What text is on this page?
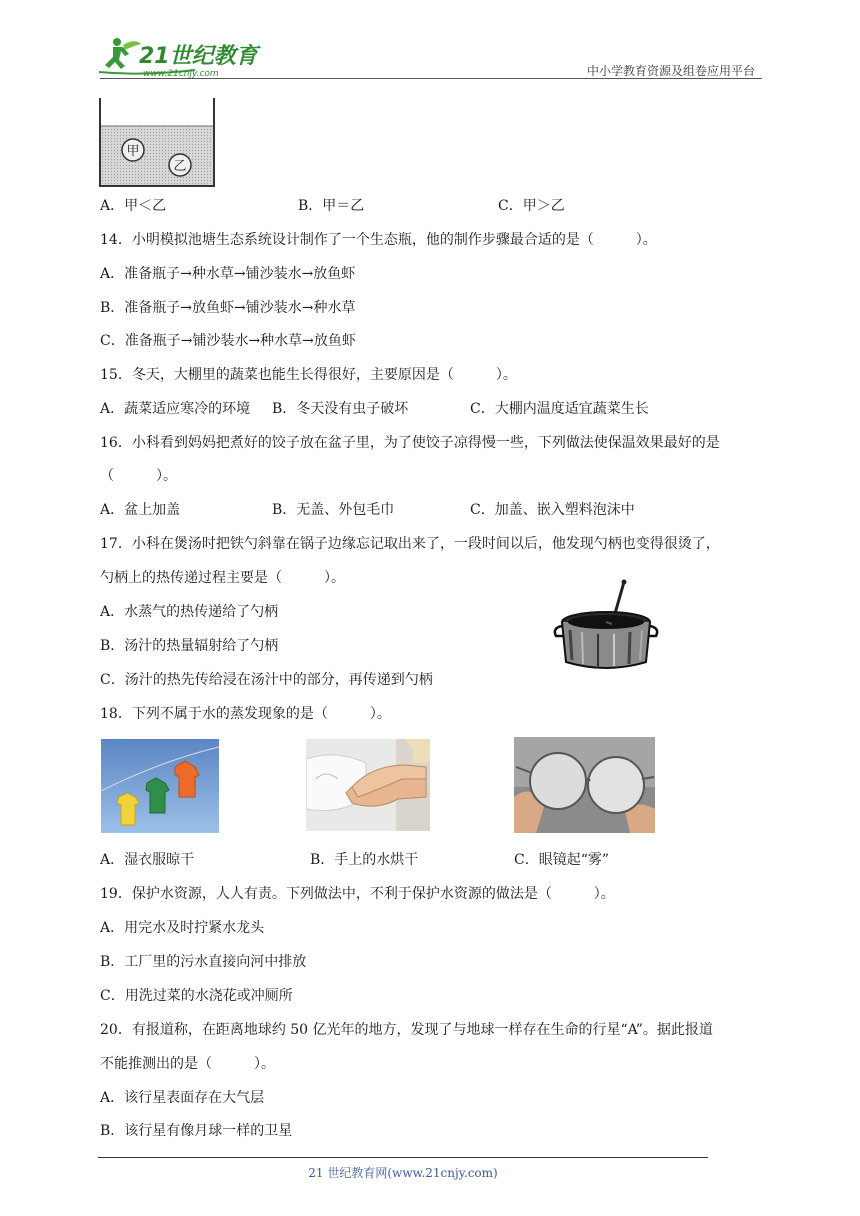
21世纪教育
www.21cnjy.com	中小学教育资源及组卷应用平台
甲
乙
A．甲＜乙	B．甲＝乙	C．甲＞乙
14．小明模拟池塘生态系统设计制作了一个生态瓶，他的制作步骤最合适的是（　　　）。
A．准备瓶子→种水草→铺沙装水→放鱼虾
B．准备瓶子→放鱼虾→铺沙装水→种水草
C．准备瓶子→铺沙装水→种水草→放鱼虾
15．冬天，大棚里的蔬菜也能生长得很好，主要原因是（　　　）。
A．蔬菜适应寒冷的环境 B．冬天没有虫子破坏	C．大棚内温度适宜蔬菜生长
16．小科看到妈妈把煮好的饺子放在盆子里，为了使饺子凉得慢一些，下列做法使保温效果最好的是
（　　　）。
A．盆上加盖	B．无盖、外包毛巾	C．加盖、嵌入塑料泡沫中
17．小科在煲汤时把铁勺斜靠在锅子边缘忘记取出来了，一段时间以后，他发现勺柄也变得很烫了，
勺柄上的热传递过程主要是（　　　）。
A．水蒸气的热传递给了勺柄
B．汤汁的热量辐射给了勺柄
C．汤汁的热先传给浸在汤汁中的部分，再传递到勺柄
18．下列不属于水的蒸发现象的是（　　　）。
A．湿衣服晾干	B．手上的水烘干	C．眼镜起“雾”
19．保护水资源，人人有责。下列做法中，不利于保护水资源的做法是（　　　）。
A．用完水及时拧紧水龙头
B．工厂里的污水直接向河中排放
C．用洗过菜的水浇花或冲厕所
20．有报道称，在距离地球约 50 亿光年的地方，发现了与地球一样存在生命的行星“A”。据此报道
不能推测出的是（　　　）。
A．该行星表面存在大气层
B．该行星有像月球一样的卫星
21 世纪教育网(www.21cnjy.com)
